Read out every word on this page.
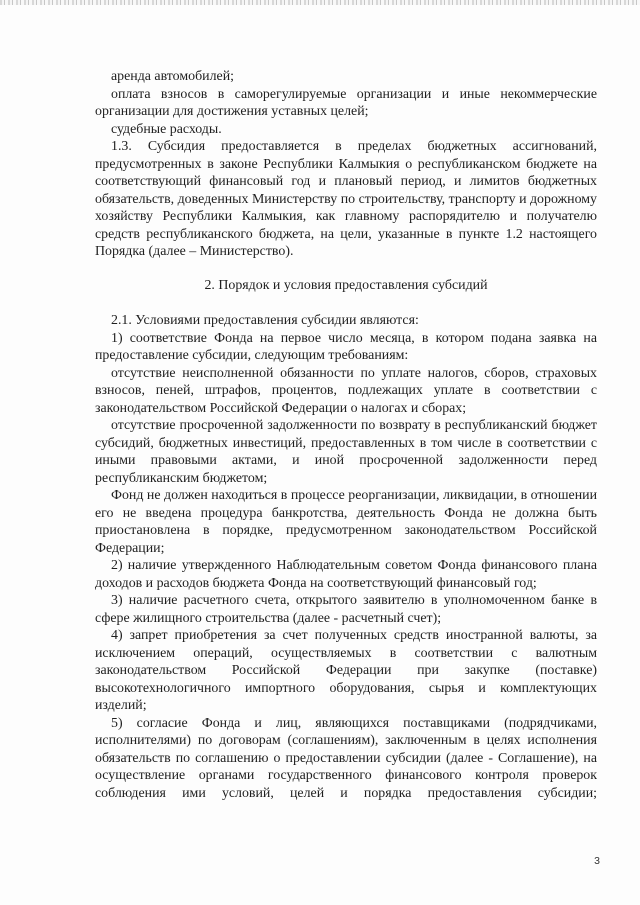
аренда автомобилей;

оплата взносов в саморегулируемые организации и иные некоммерческие организации для достижения уставных целей;

судебные расходы.

1.3. Субсидия предоставляется в пределах бюджетных ассигнований, предусмотренных в законе Республики Калмыкия о республиканском бюджете на соответствующий финансовый год и плановый период, и лимитов бюджетных обязательств, доведенных Министерству по строительству, транспорту и дорожному хозяйству Республики Калмыкия, как главному распорядителю и получателю средств республиканского бюджета, на цели, указанные в пункте 1.2 настоящего Порядка (далее – Министерство).

2. Порядок и условия предоставления субсидий

2.1. Условиями предоставления субсидии являются:

1) соответствие Фонда на первое число месяца, в котором подана заявка на предоставление субсидии, следующим требованиям:

отсутствие неисполненной обязанности по уплате налогов, сборов, страховых взносов, пеней, штрафов, процентов, подлежащих уплате в соответствии с законодательством Российской Федерации о налогах и сборах;

отсутствие просроченной задолженности по возврату в республиканский бюджет субсидий, бюджетных инвестиций, предоставленных в том числе в соответствии с иными правовыми актами, и иной просроченной задолженности перед республиканским бюджетом;

Фонд не должен находиться в процессе реорганизации, ликвидации, в отношении его не введена процедура банкротства, деятельность Фонда не должна быть приостановлена в порядке, предусмотренном законодательством Российской Федерации;

2) наличие утвержденного Наблюдательным советом Фонда финансового плана доходов и расходов бюджета Фонда на соответствующий финансовый год;

3) наличие расчетного счета, открытого заявителю в уполномоченном банке в сфере жилищного строительства (далее - расчетный счет);

4) запрет приобретения за счет полученных средств иностранной валюты, за исключением операций, осуществляемых в соответствии с валютным законодательством Российской Федерации при закупке (поставке) высокотехнологичного импортного оборудования, сырья и комплектующих изделий;

5) согласие Фонда и лиц, являющихся поставщиками (подрядчиками, исполнителями) по договорам (соглашениям), заключенным в целях исполнения обязательств по соглашению о предоставлении субсидии (далее - Соглашение), на осуществление органами государственного финансового контроля проверок соблюдения ими условий, целей и порядка предоставления субсидии;

3
